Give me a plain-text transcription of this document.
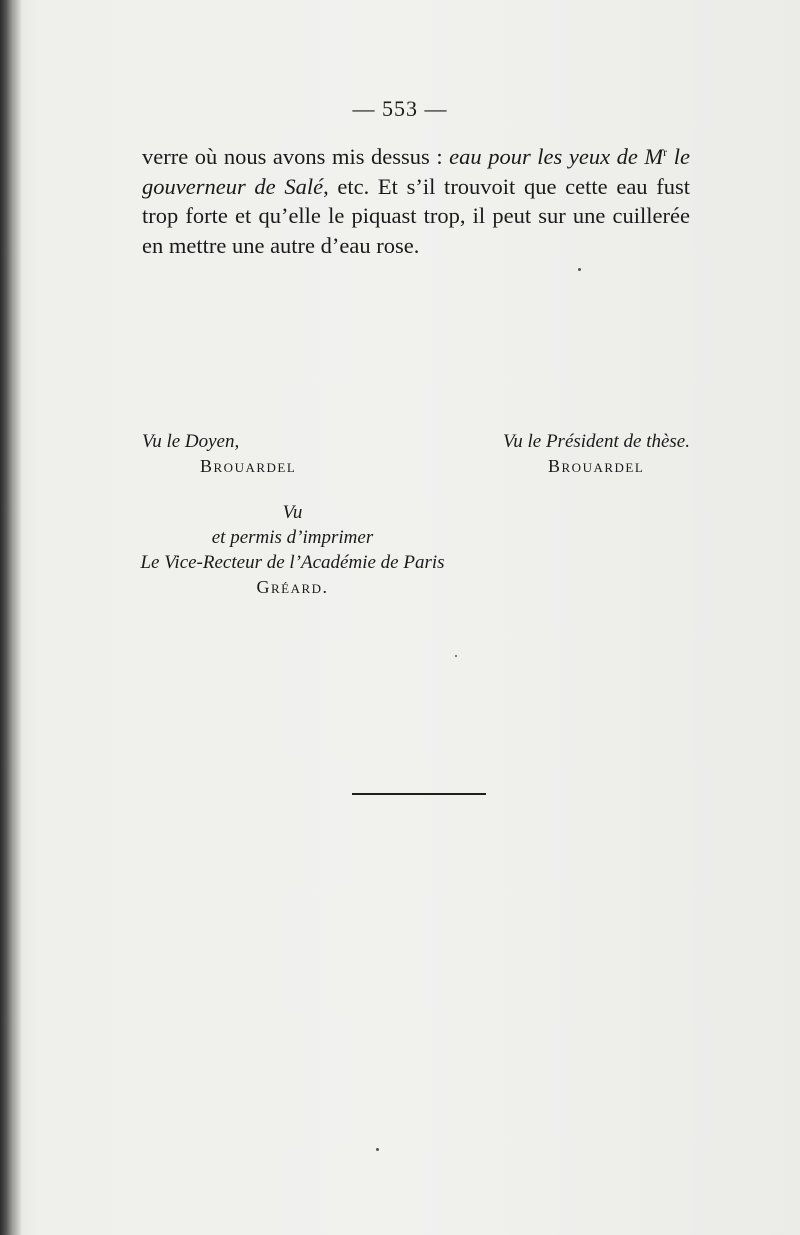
— 553 —
verre où nous avons mis dessus : eau pour les yeux de $M^r$ le
gouverneur de Salé, etc. Et s’il trouvoit que cette eau fust
trop forte et qu’elle le piquast trop, il peut sur une cuillerée
en mettre une autre d’eau rose.
Vu le Doyen,
Brouardel
Vu le Président de thèse.
Brouardel
Vu
et permis d’imprimer
Le Vice-Recteur de l’Académie de Paris
Gréard.
